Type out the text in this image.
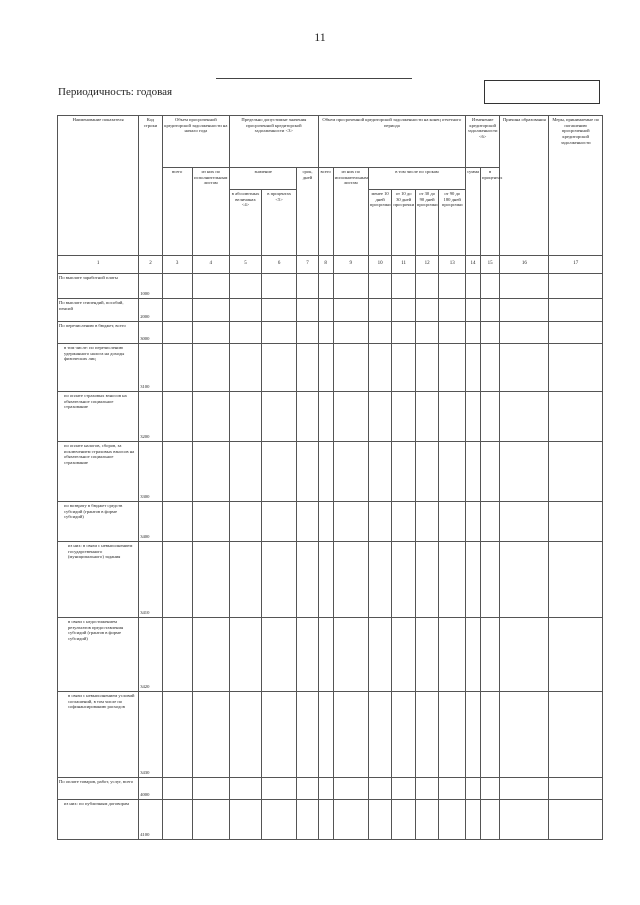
11
Периодичность: годовая
Наименование показателя	Код строки	Объем просроченной кредиторской задолженности на начало года		Предельно допустимые значения просроченной кредиторской задолженности <3>			Объем просроченной кредиторской задолженности на конец отчетного периода						Изменение кредиторской задолженности <6>		Причина образования	Меры, принимаемые по погашению просроченной кредиторской задолженности
		всего	из них по исполнительным листам	значение		срок, дней	всего	из них по исполнительным листам	в том числе по срокам				сумма	в процентах		
				в абсолютных величинах <4>	в процентах <5>				менее 10 дней просрочки	от 10 до 30 дней просрочки	от 30 до 90 дней просрочки	от 90 до 180 дней просрочки				
1	2	3	4	5	6	7	8	9	10	11	12	13	14	15	16	17
По выплате заработной платы	1000															
По выплате стипендий, пособий, пенсий	2000															
По перечислению в бюджет, всего	3000															
в том числе: по перечислению удержанного налога на доходы физических лиц	3100															
по оплате страховых взносов на обязательное социальное страхование	3200															
по оплате налогов, сборов, за исключением страховых взносов на обязательное социальное страхование	3300															
по возврату в бюджет средств субсидий (грантов в форме субсидий)	3400															
из них: в связи с невыполнением государственного (муниципального) задания	3410															
в связи с недостижением результатов предоставления субсидий (грантов в форме субсидий)	3420															
в связи с невыполнением условий соглашений, в том числе по софинансированию расходов	3430															
По оплате товаров, работ, услуг, всего	4000															
из них: по публичным договорам	4100															
